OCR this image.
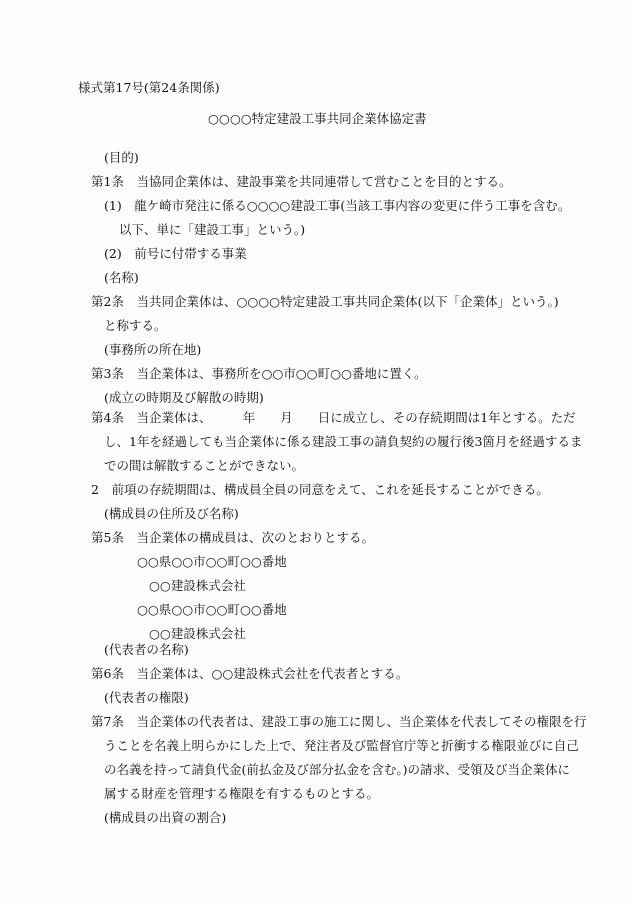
様式第17号(第24条関係)
○○○○特定建設工事共同企業体協定書
(目的)
第1条　当協同企業体は、建設事業を共同連帯して営むことを目的とする。
(1)　龍ケ崎市発注に係る○○○○建設工事(当該工事内容の変更に伴う工事を含む。
以下、単に「建設工事」という。)
(2)　前号に付帯する事業
(名称)
第2条　当共同企業体は、○○○○特定建設工事共同企業体(以下「企業体」という。)
と称する。
(事務所の所在地)
第3条　当企業体は、事務所を○○市○○町○○番地に置く。
(成立の時期及び解散の時期)
第4条　当企業体は、　　　年　　月　　日に成立し、その存続期間は1年とする。ただ
し、1年を経過しても当企業体に係る建設工事の請負契約の履行後3箇月を経過するま
での間は解散することができない。
2　前項の存続期間は、構成員全員の同意をえて、これを延長することができる。
(構成員の住所及び名称)
第5条　当企業体の構成員は、次のとおりとする。
○○県○○市○○町○○番地
○○建設株式会社
○○県○○市○○町○○番地
○○建設株式会社
(代表者の名称)
第6条　当企業体は、○○建設株式会社を代表者とする。
(代表者の権限)
第7条　当企業体の代表者は、建設工事の施工に関し、当企業体を代表してその権限を行
うことを名義上明らかにした上で、発注者及び監督官庁等と折衝する権限並びに自己
の名義を持って請負代金(前払金及び部分払金を含む。)の請求、受領及び当企業体に
属する財産を管理する権限を有するものとする。
(構成員の出資の割合)
